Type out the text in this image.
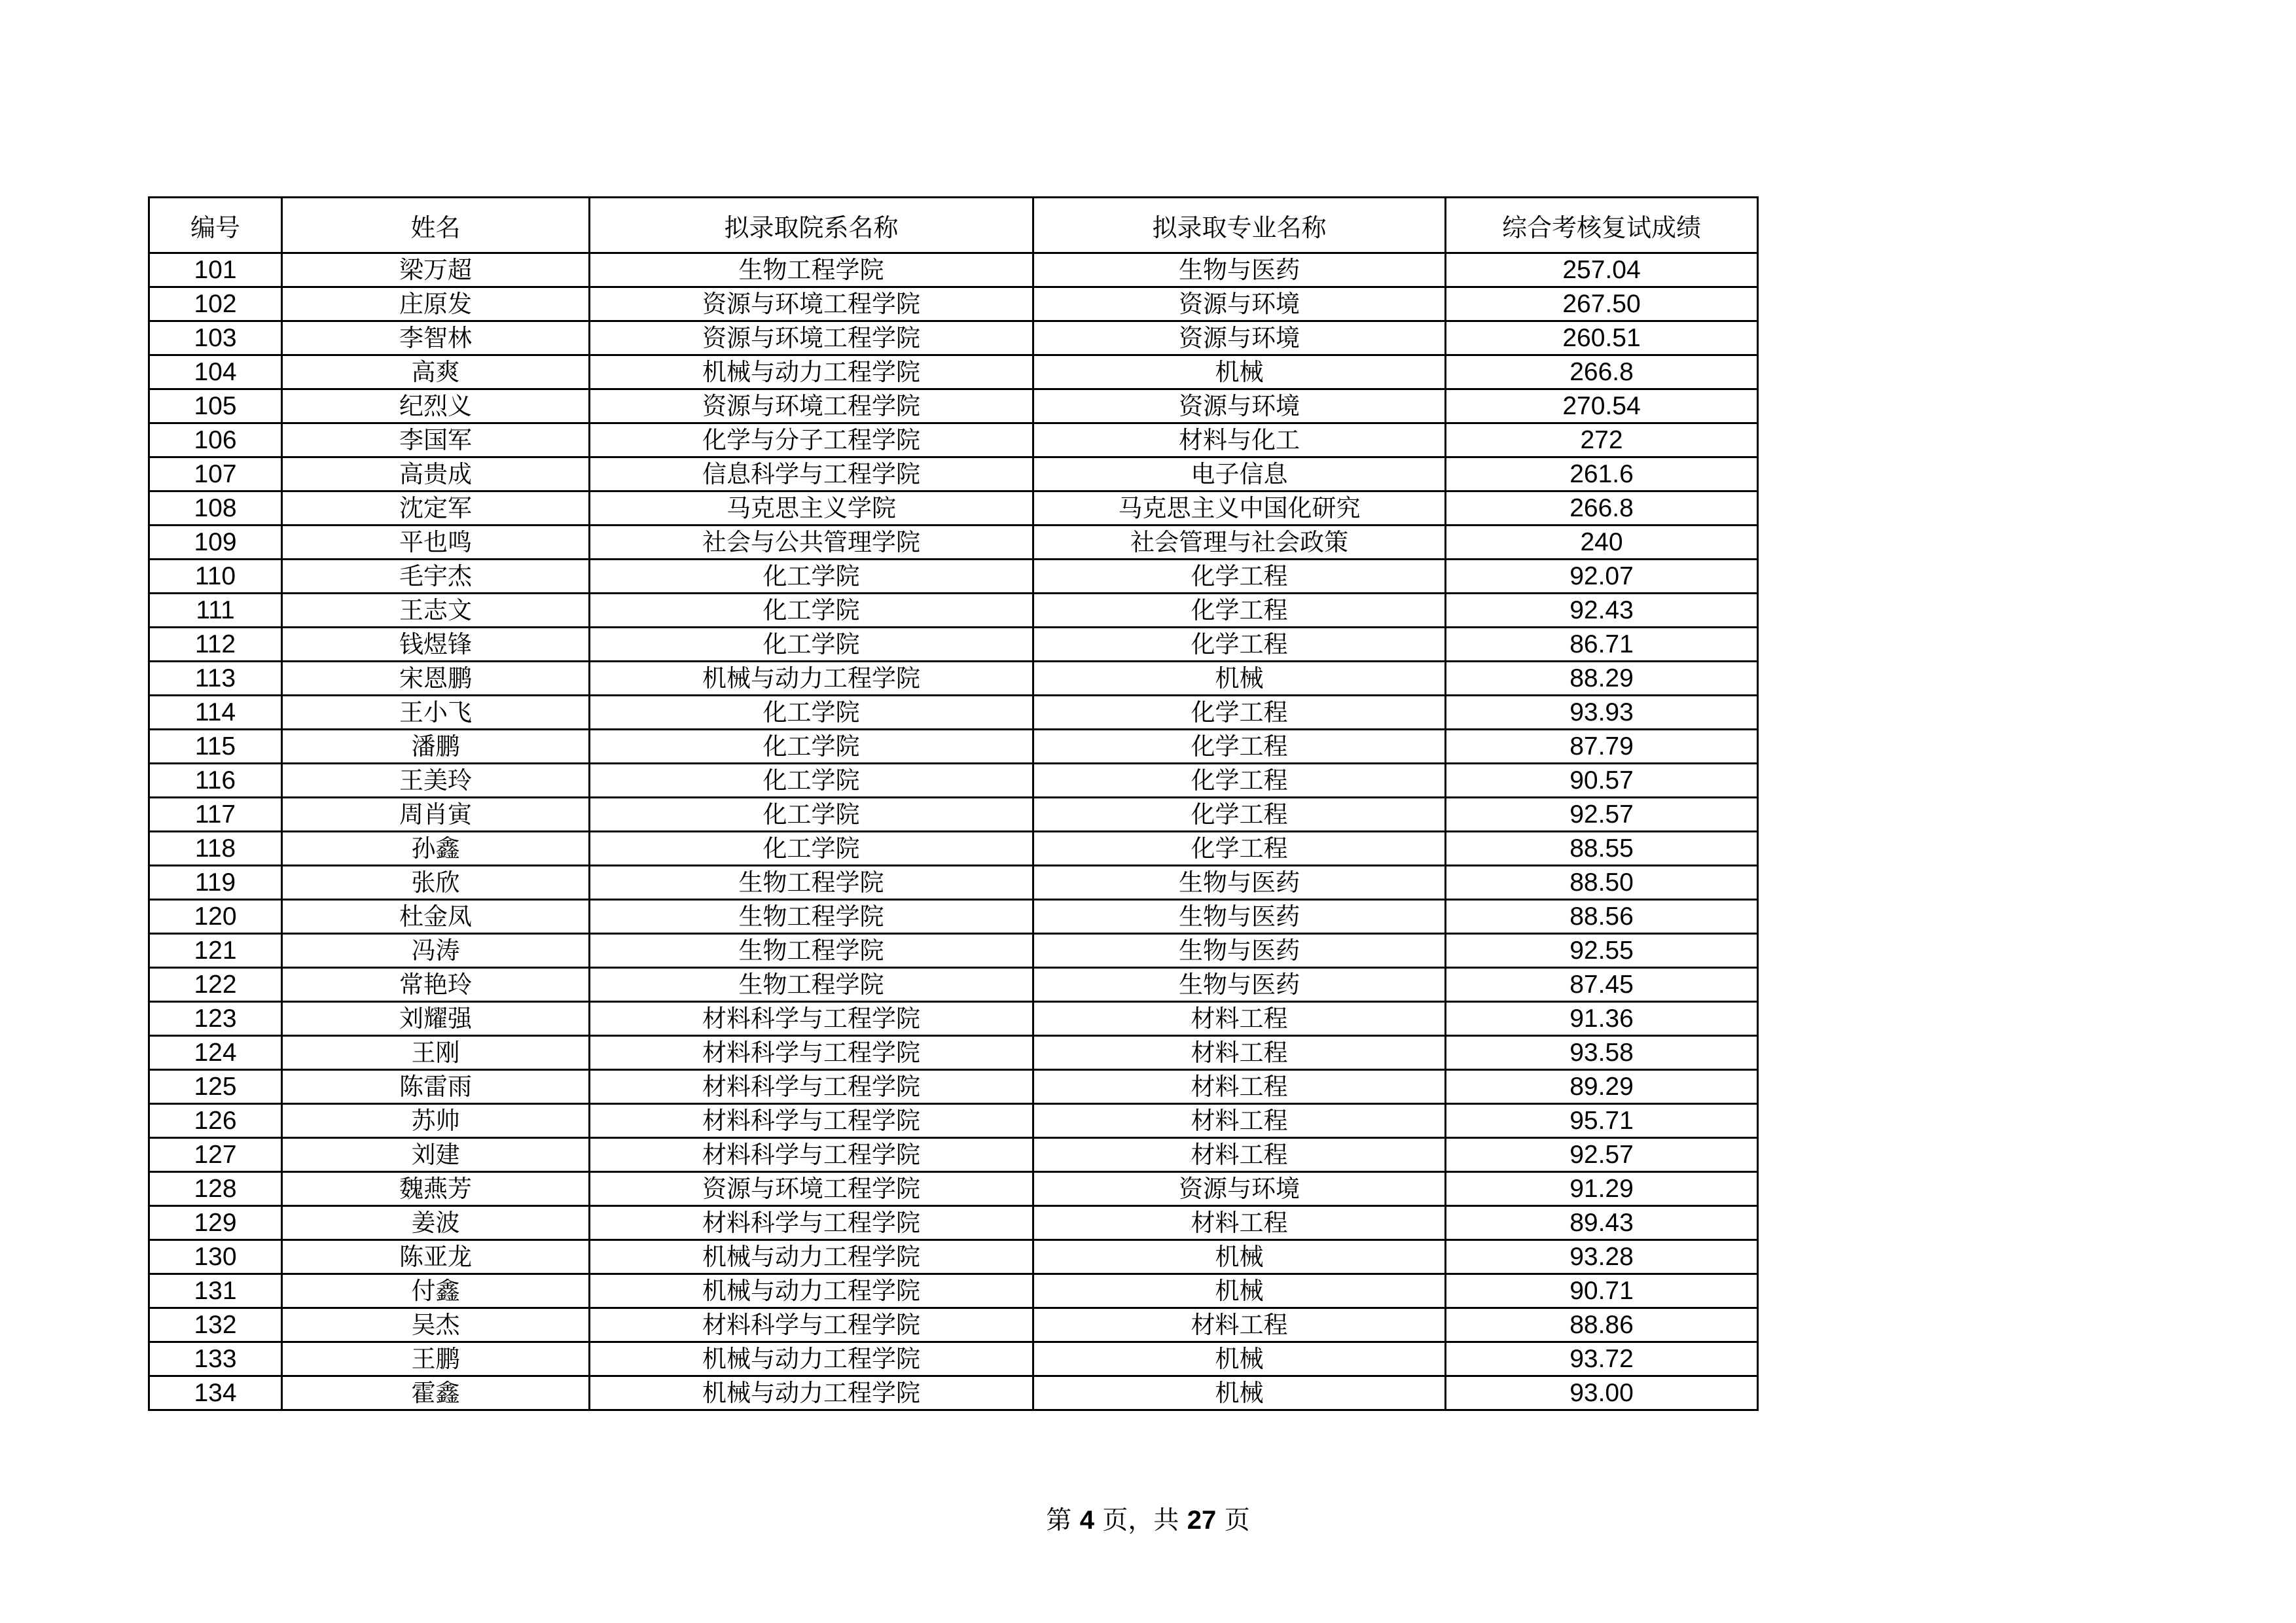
编号	姓名	拟录取院系名称	拟录取专业名称	综合考核复试成绩
101	梁万超	生物工程学院	生物与医药	257.04
102	庄原发	资源与环境工程学院	资源与环境	267.50
103	李智林	资源与环境工程学院	资源与环境	260.51
104	高爽	机械与动力工程学院	机械	266.8
105	纪烈义	资源与环境工程学院	资源与环境	270.54
106	李国军	化学与分子工程学院	材料与化工	272
107	高贵成	信息科学与工程学院	电子信息	261.6
108	沈定军	马克思主义学院	马克思主义中国化研究	266.8
109	平也鸣	社会与公共管理学院	社会管理与社会政策	240
110	毛宇杰	化工学院	化学工程	92.07
111	王志文	化工学院	化学工程	92.43
112	钱煜锋	化工学院	化学工程	86.71
113	宋恩鹏	机械与动力工程学院	机械	88.29
114	王小飞	化工学院	化学工程	93.93
115	潘鹏	化工学院	化学工程	87.79
116	王美玲	化工学院	化学工程	90.57
117	周肖寅	化工学院	化学工程	92.57
118	孙鑫	化工学院	化学工程	88.55
119	张欣	生物工程学院	生物与医药	88.50
120	杜金凤	生物工程学院	生物与医药	88.56
121	冯涛	生物工程学院	生物与医药	92.55
122	常艳玲	生物工程学院	生物与医药	87.45
123	刘耀强	材料科学与工程学院	材料工程	91.36
124	王刚	材料科学与工程学院	材料工程	93.58
125	陈雷雨	材料科学与工程学院	材料工程	89.29
126	苏帅	材料科学与工程学院	材料工程	95.71
127	刘建	材料科学与工程学院	材料工程	92.57
128	魏燕芳	资源与环境工程学院	资源与环境	91.29
129	姜波	材料科学与工程学院	材料工程	89.43
130	陈亚龙	机械与动力工程学院	机械	93.28
131	付鑫	机械与动力工程学院	机械	90.71
132	吴杰	材料科学与工程学院	材料工程	88.86
133	王鹏	机械与动力工程学院	机械	93.72
134	霍鑫	机械与动力工程学院	机械	93.00
第 4 页，共 27 页
